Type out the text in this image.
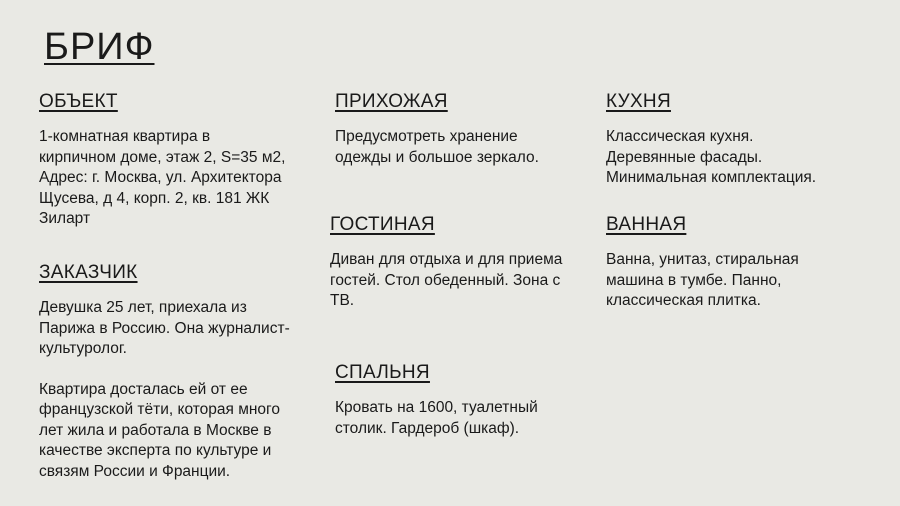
БРИФ

ОБЪЕКТ

1-комнатная квартира в
кирпичном доме, этаж 2, S=35 м2,
Адрес: г. Москва, ул. Архитектора
Щусева, д 4, корп. 2, кв. 181 ЖК
Зиларт

ЗАКАЗЧИК

Девушка 25 лет, приехала из
Парижа в Россию. Она журналист-
культуролог.

Квартира досталась ей от ее
французской тёти, которая много
лет жила и работала в Москве в
качестве эксперта по культуре и
связям России и Франции.

ПРИХОЖАЯ

Предусмотреть хранение
одежды и большое зеркало.

ГОСТИНАЯ

Диван для отдыха и для приема
гостей. Стол обеденный. Зона с
ТВ.

СПАЛЬНЯ

Кровать на 1600, туалетный
столик. Гардероб (шкаф).

КУХНЯ

Классическая кухня.
Деревянные фасады.
Минимальная комплектация.

ВАННАЯ

Ванна, унитаз, стиральная
машина в тумбе. Панно,
классическая плитка.
